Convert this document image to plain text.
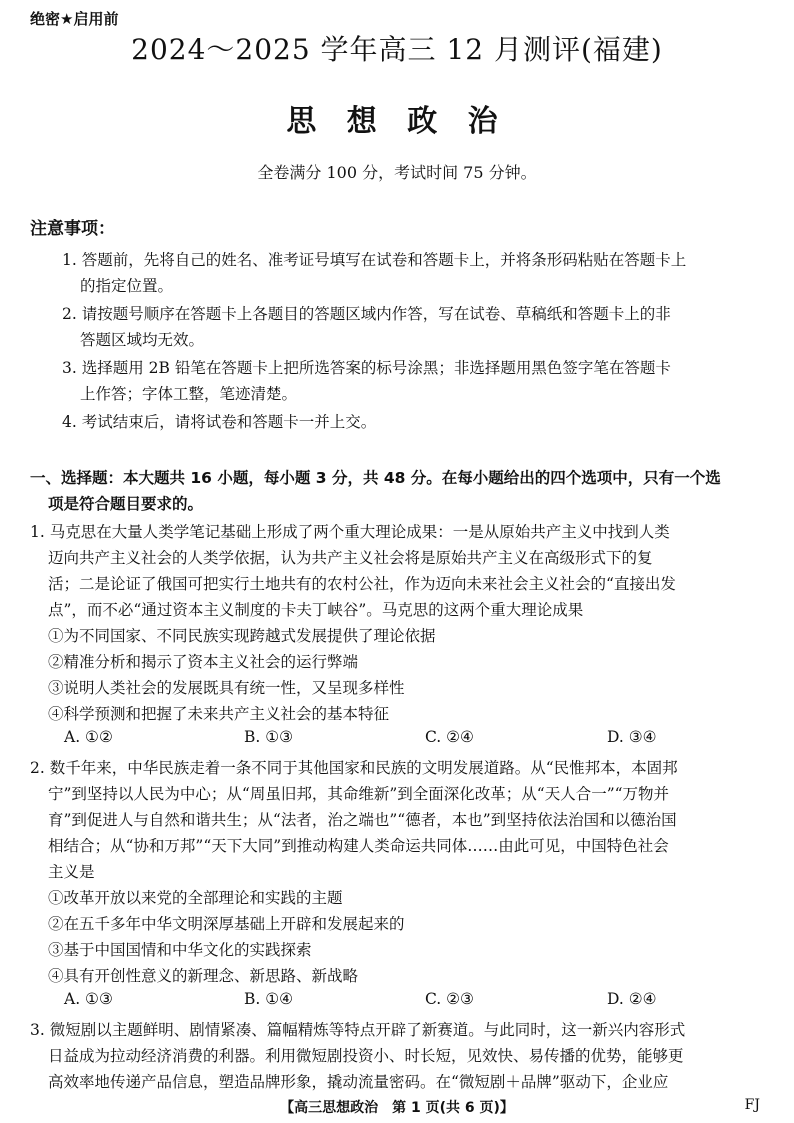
绝密★启用前
2024～2025 学年高三 12 月测评(福建)
思 想 政 治
全卷满分 100 分，考试时间 75 分钟。
注意事项：
1. 答题前，先将自己的姓名、准考证号填写在试卷和答题卡上，并将条形码粘贴在答题卡上
的指定位置。
2. 请按题号顺序在答题卡上各题目的答题区域内作答，写在试卷、草稿纸和答题卡上的非
答题区域均无效。
3. 选择题用 2B 铅笔在答题卡上把所选答案的标号涂黑；非选择题用黑色签字笔在答题卡
上作答；字体工整，笔迹清楚。
4. 考试结束后，请将试卷和答题卡一并上交。
一、选择题：本大题共 16 小题，每小题 3 分，共 48 分。在每小题给出的四个选项中，只有一个选
项是符合题目要求的。
1. 马克思在大量人类学笔记基础上形成了两个重大理论成果：一是从原始共产主义中找到人类
迈向共产主义社会的人类学依据，认为共产主义社会将是原始共产主义在高级形式下的复
活；二是论证了俄国可把实行土地共有的农村公社，作为迈向未来社会主义社会的“直接出发
点”，而不必“通过资本主义制度的卡夫丁峡谷”。马克思的这两个重大理论成果
①为不同国家、不同民族实现跨越式发展提供了理论依据
②精准分析和揭示了资本主义社会的运行弊端
③说明人类社会的发展既具有统一性，又呈现多样性
④科学预测和把握了未来共产主义社会的基本特征
A. ①②	B. ①③	C. ②④	D. ③④
2. 数千年来，中华民族走着一条不同于其他国家和民族的文明发展道路。从“民惟邦本，本固邦
宁”到坚持以人民为中心；从“周虽旧邦，其命维新”到全面深化改革；从“天人合一”“万物并
育”到促进人与自然和谐共生；从“法者，治之端也”“德者，本也”到坚持依法治国和以德治国
相结合；从“协和万邦”“天下大同”到推动构建人类命运共同体……由此可见，中国特色社会
主义是
①改革开放以来党的全部理论和实践的主题
②在五千多年中华文明深厚基础上开辟和发展起来的
③基于中国国情和中华文化的实践探索
④具有开创性意义的新理念、新思路、新战略
A. ①③	B. ①④	C. ②③	D. ②④
3. 微短剧以主题鲜明、剧情紧凑、篇幅精炼等特点开辟了新赛道。与此同时，这一新兴内容形式
日益成为拉动经济消费的利器。利用微短剧投资小、时长短，见效快、易传播的优势，能够更
高效率地传递产品信息，塑造品牌形象，撬动流量密码。在“微短剧＋品牌”驱动下，企业应
【高三思想政治　第 1 页(共 6 页)】	FJ
